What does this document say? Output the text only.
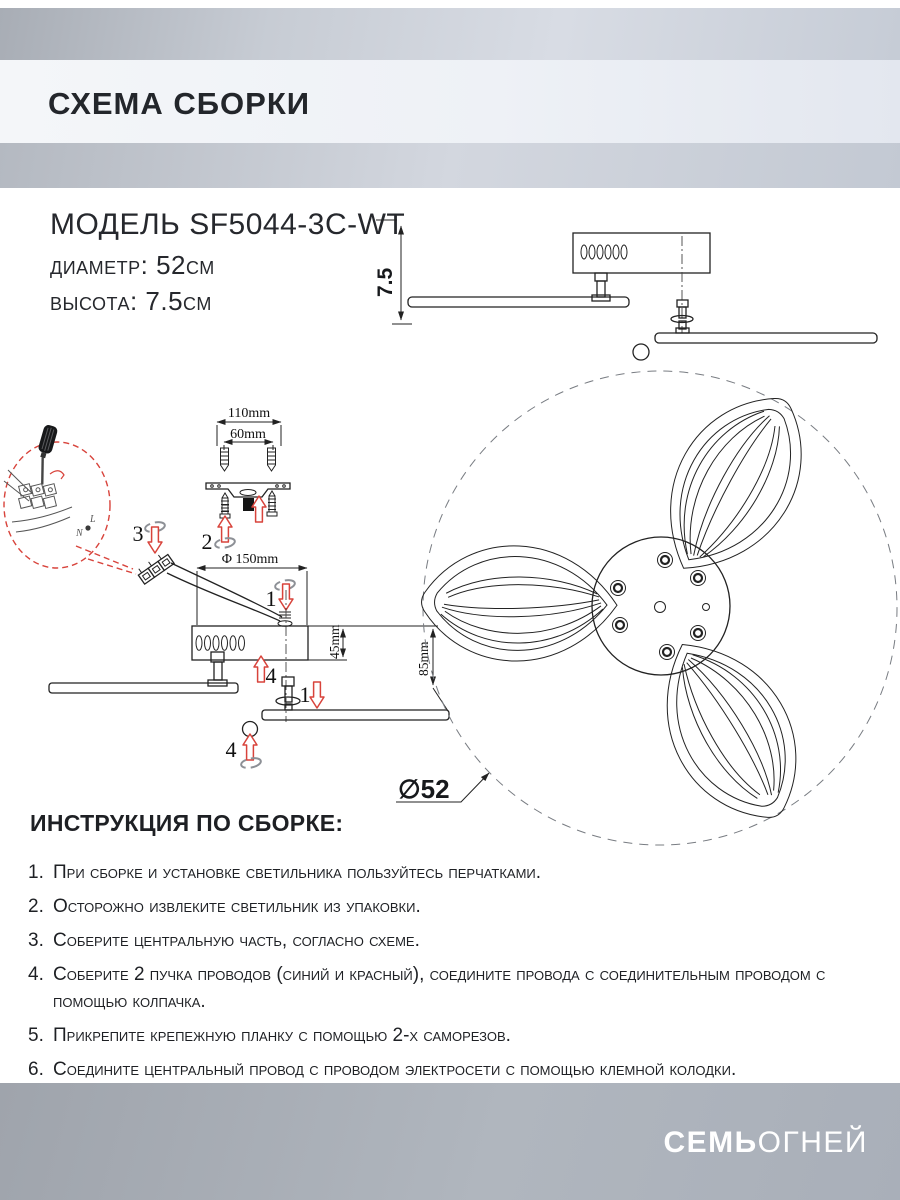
СХЕМА СБОРКИ
МОДЕЛЬ SF5044-3C-WT
диаметр: 52см
высота: 7.5см
7.5
110mm
60mm
2
L
N 3
Φ 150mm
1
45mm	85mm
4
1
4
∅52
ИНСТРУКЦИЯ ПО СБОРКЕ:
1. При сборке и установке светильника пользуйтесь перчатками.
2. Осторожно извлеките светильник из упаковки.
3. Соберите центральную часть, согласно схеме.
4. Соберите 2 пучка проводов (синий и красный), соедините провода с соединительным проводом с помощью колпачка.
5. Прикрепите крепежную планку с помощью 2-х саморезов.
6. Соедините центральный провод с проводом электросети с помощью клемной колодки.
СЕМЬОГНЕЙ
